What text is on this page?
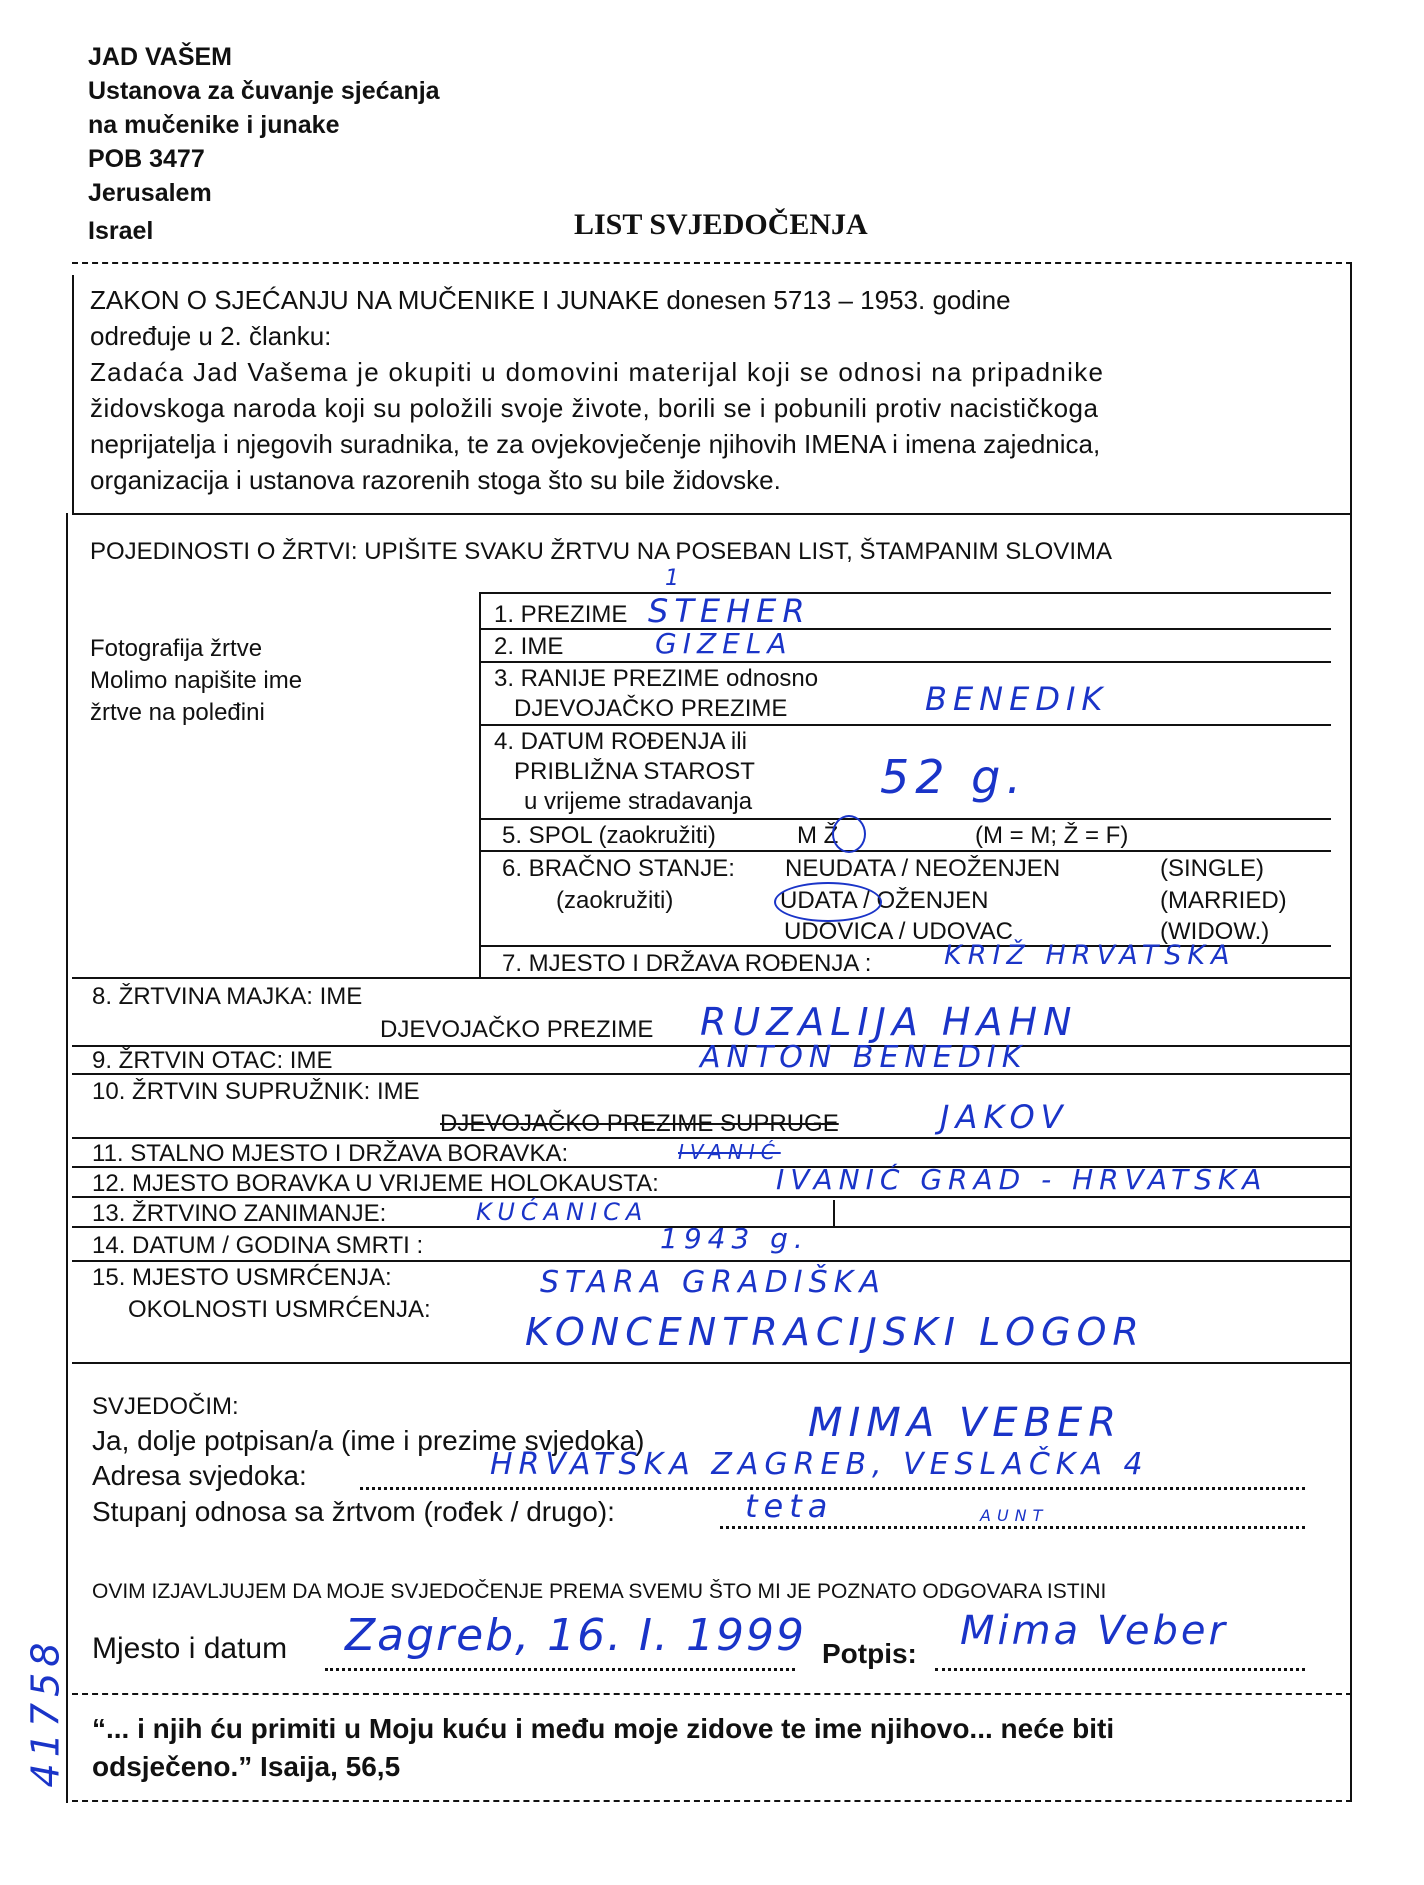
JAD VAŠEM
Ustanova za čuvanje sjećanja
na mučenike i junake
POB 3477
Jerusalem
Israel	LIST SVJEDOČENJA
ZAKON O SJEĆANJU NA MUČENIKE I JUNAKE donesen 5713 – 1953. godine
određuje u 2. članku:
Zadaća Jad Vašema je okupiti u domovini materijal koji se odnosi na pripadnike
židovskoga naroda koji su položili svoje živote, borili se i pobunili protiv nacističkoga
neprijatelja i njegovih suradnika, te za ovjekovječenje njihovih IMENA i imena zajednica,
organizacija i ustanova razorenih stoga što su bile židovske.
POJEDINOSTI O ŽRTVI: UPIŠITE SVAKU ŽRTVU NA POSEBAN LIST, ŠTAMPANIM SLOVIMA
Fotografija žrtve
Molimo napišite ime
žrtve na poleđini
1
1. PREZIME STEHER
2. IME	GIZELA
3. RANIJE PREZIME odnosno
DJEVOJAČKO PREZIME	BENEDIK
4. DATUM ROĐENJA ili
PRIBLIŽNA STAROST
u vrijeme stradavanja	52 g.
5. SPOL (zaokružiti)	M Ž	(M = M; Ž = F)
6. BRAČNO STANJE:
(zaokružiti)
NEUDATA / NEOŽENJEN	(SINGLE)
UDATA / OŽENJEN	(MARRIED)
UDOVICA / UDOVAC	(WIDOW.)
7. MJESTO I DRŽAVA ROĐENJA :	KRIŽ HRVATSKA
8. ŽRTVINA MAJKA: IME
DJEVOJAČKO PREZIME RUZALIJA HAHN
9. ŽRTVIN OTAC: IME	ANTON BENEDIK
10. ŽRTVIN SUPRUŽNIK: IME
DJEVOJAČKO PREZIME SUPRUGE	JAKOV
11. STALNO MJESTO I DRŽAVA BORAVKA:	IVANIĆ
12. MJESTO BORAVKA U VRIJEME HOLOKAUSTA:	IVANIĆ GRAD - HRVATSKA
13. ŽRTVINO ZANIMANJE:	KUĆANICA
14. DATUM / GODINA SMRTI :	1943 g.
15. MJESTO USMRĆENJA:	STARA GRADIŠKA
OKOLNOSTI USMRĆENJA:
KONCENTRACIJSKI LOGOR
SVJEDOČIM:
Ja, dolje potpisan/a (ime i prezime svjedoka)	MIMA VEBER
Adresa svjedoka:	HRVATSKA ZAGREB, VESLAČKA 4
Stupanj odnosa sa žrtvom (rođek / drugo):	teta	AUNT
OVIM IZJAVLJUJEM DA MOJE SVJEDOČENJE PREMA SVEMU ŠTO MI JE POZNATO ODGOVARA ISTINI
Mjesto i datum Zagreb, 16. I. 1999 Potpis: Mima Veber
“... i njih ću primiti u Moju kuću i među moje zidove te ime njihovo... neće biti
odsječeno.” Isaija, 56,5
41758
